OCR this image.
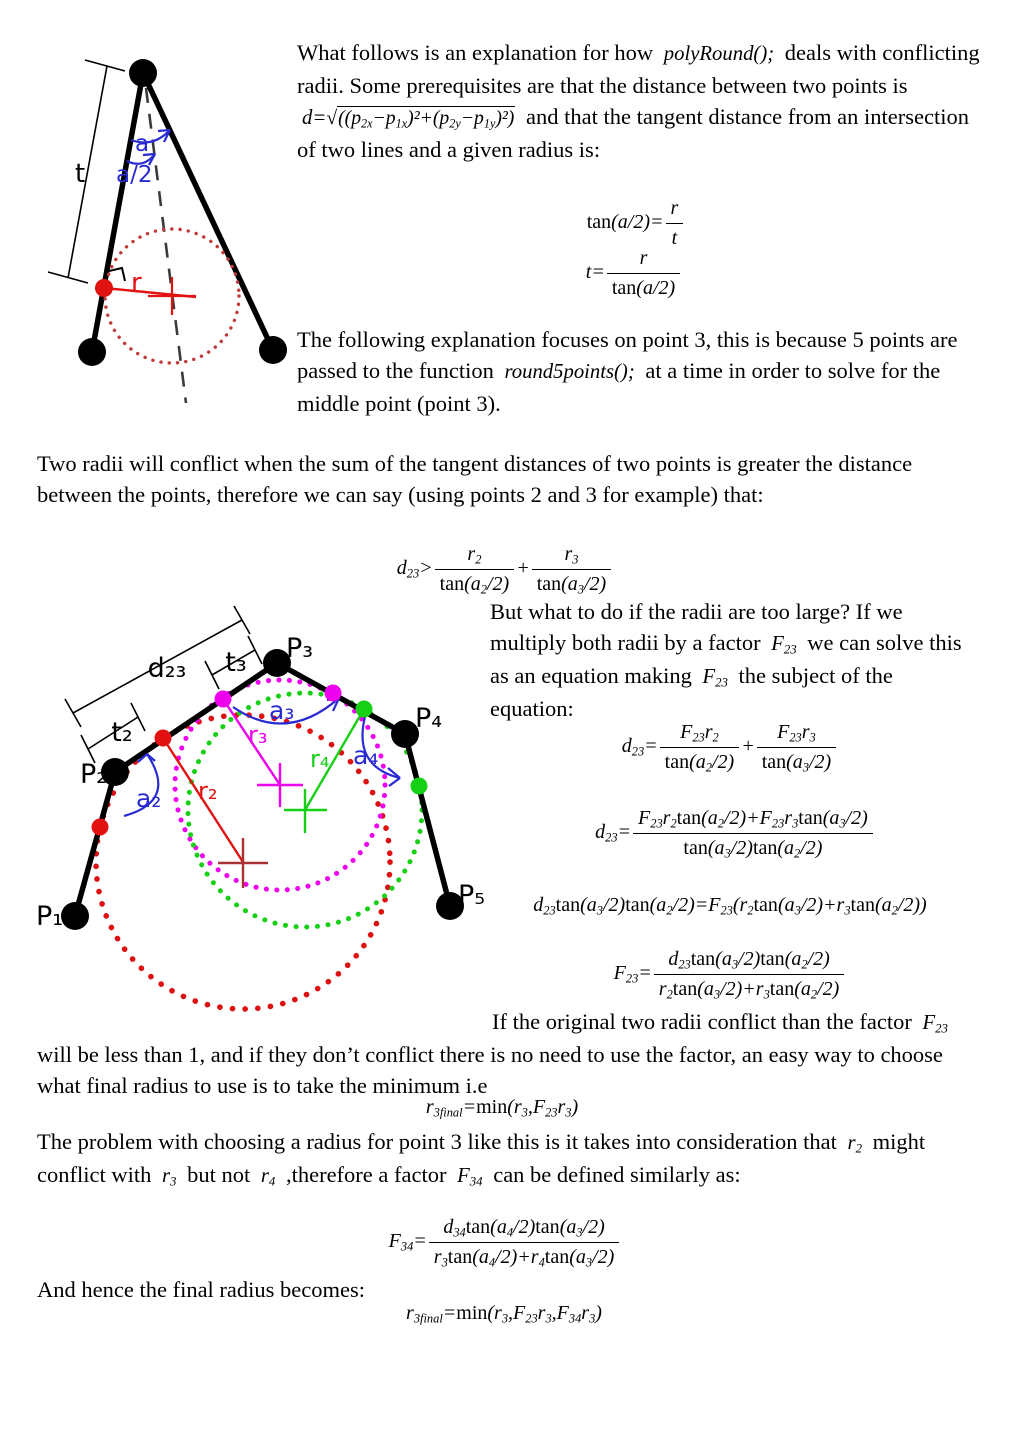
t
a
a/2
r
What follows is an explanation for how polyRound(); deals with conflicting radii. Some prerequisites are that the distance between two points is $d=√((p_{2x}-p_{1x})^2+(p_{2y}-p_{1y})^2)$ and that the tangent distance from an intersection of two lines and a given radius is:
$\tan(a/2)= \frac{r}{t}$
$t= \frac{r}{\tan(a/2)}$
The following explanation focuses on point 3, this is because 5 points are passed to the function round5points(); at a time in order to solve for the middle point (point 3).
Two radii will conflict when the sum of the tangent distances of two points is greater the distance between the points, therefore we can say (using points 2 and 3 for example) that:
$d_{23}> \frac{r_2}{\tan(a_2/2)} + \frac{r_3}{\tan(a_3/2)}$
P₁
P₂
P₃
P₄
P₅
d₂₃
t₂
t₃
a₂
a₃
a₄
r₂
r₃
r₄
But what to do if the radii are too large? If we multiply both radii by a factor $F_{23}$ we can solve this as an equation making $F_{23}$ the subject of the equation:
$d_{23}= \frac{F_{23}r_2}{\tan(a_2/2)} + \frac{F_{23}r_3}{\tan(a_3/2)}$
$d_{23}= \frac{F_{23}r_2\tan(a_2/2)+F_{23}r_3\tan(a_3/2)}{\tan(a_3/2)\tan(a_2/2)}$
$d_{23}\tan(a_3/2)\tan(a_2/2)=F_{23}(r_2\tan(a_3/2)+r_3\tan(a_2/2))$
$F_{23}= \frac{d_{23}\tan(a_3/2)\tan(a_2/2)}{r_2\tan(a_3/2)+r_3\tan(a_2/2)}$
If the original two radii conflict than the factor $F_{23}$ will be less than 1, and if they don’t conflict there is no need to use the factor, an easy way to choose what final radius to use is to take the minimum i.e
$r_{3final}=\min(r_3,F_{23}r_3)$
The problem with choosing a radius for point 3 like this is it takes into consideration that $r_2$ might conflict with $r_3$ but not $r_4$ ,therefore a factor $F_{34}$ can be defined similarly as:
$F_{34}= \frac{d_{34}\tan(a_4/2)\tan(a_3/2)}{r_3\tan(a_4/2)+r_4\tan(a_3/2)}$
And hence the final radius becomes:
$r_{3final}=\min(r_3,F_{23}r_3,F_{34}r_3)$
